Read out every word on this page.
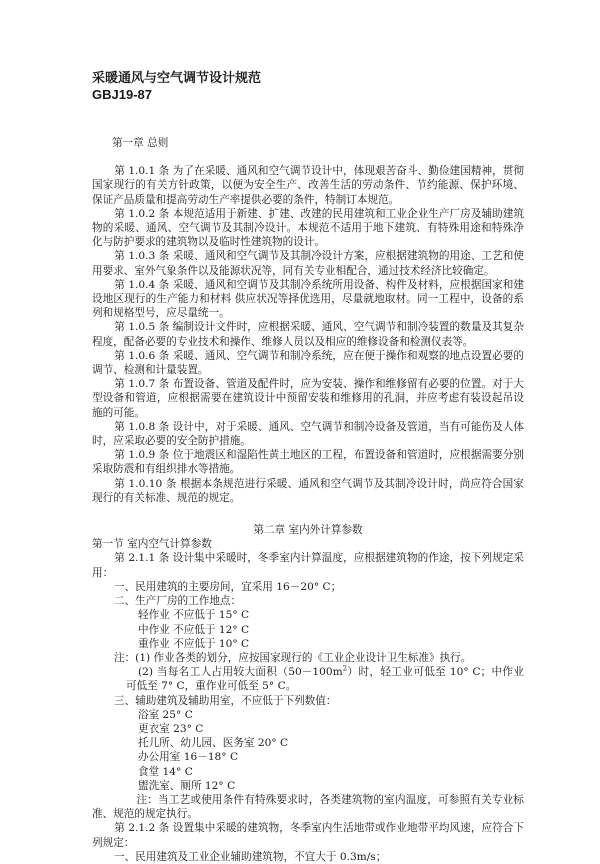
采暖通风与空气调节设计规范
GBJ19-87

第一章 总则

第 1.0.1 条 为了在采暖、通风和空气调节设计中，体现艰苦奋斗、勤俭建国精神，贯彻国家现行的有关方针政策，以便为安全生产、改善生活的劳动条件、节约能源、保护环境、保证产品质量和提高劳动生产率提供必要的条件，特制订本规范。

第 1.0.2 条 本规范适用于新建、扩建、改建的民用建筑和工业企业生产厂房及辅助建筑物的采暖、通风、空气调节及其制冷设计。本规范不适用于地下建筑、有特殊用途和特殊净化与防护要求的建筑物以及临时性建筑物的设计。

第 1.0.3 条 采暖、通风和空气调节及其制冷设计方案，应根据建筑物的用途、工艺和使用要求、室外气象条件以及能源状况等，同有关专业相配合，通过技术经济比较确定。

第 1.0.4 条 采暖、通风和空调节及其制冷系统所用设备、构件及材料，应根据国家和建设地区现行的生产能力和材料 供应状况等择优选用，尽量就地取材。同一工程中，设备的系列和规格型号，应尽量统一。

第 1.0.5 条 编制设计文件时，应根据采暖、通风、空气调节和制冷装置的数量及其复杂程度，配备必要的专业技术和操作、维修人员以及相应的维修设备和检测仪表等。

第 1.0.6 条 采暖、通风、空气调节和制冷系统，应在便于操作和观察的地点设置必要的调节、检测和计量装置。

第 1.0.7 条 布置设备、管道及配件时，应为安装、操作和维修留有必要的位置。对于大型设备和管道，应根据需要在建筑设计中预留安装和维修用的孔洞，并应考虑有装设起吊设施的可能。

第 1.0.8 条 设计中，对于采暖、通风、空气调节和制冷设备及管道，当有可能伤及人体时，应采取必要的安全防护措施。

第 1.0.9 条 位于地震区和湿陷性黄土地区的工程，布置设备和管道时，应根据需要分别采取防震和有组织排水等措施。

第 1.0.10 条 根据本条规范进行采暖、通风和空气调节及其制冷设计时，尚应符合国家现行的有关标准、规范的规定。

第二章 室内外计算参数

第一节 室内空气计算参数

第 2.1.1 条 设计集中采暖时，冬季室内计算温度，应根据建筑物的作途，按下列规定采用：

一、民用建筑的主要房间，宜采用 16－20° C；

二、生产厂房的工作地点：

轻作业 不应低于 15° C

中作业 不应低于 12° C

重作业 不应低于 10° C

注：(1) 作业各类的划分，应按国家现行的《工业企业设计卫生标准》执行。

(2) 当每名工人占用较大面积$(50-100m^2)$时，轻工业可低至 10° C；中作业可低至 7° C，重作业可低至 5° C。

三、辅助建筑及辅助用室，不应低于下列数值：

浴室 25° C

更衣室 23° C

托儿所、幼儿园、医务室 20° C

办公用室 16－18° C

食堂 14° C

盥洗室、厕所 12° C

注：当工艺或使用条件有特殊要求时，各类建筑物的室内温度，可参照有关专业标准、规范的规定执行。

第 2.1.2 条 设置集中采暖的建筑物，冬季室内生活地带或作业地带平均风速，应符合下列规定：

一、民用建筑及工业企业辅助建筑物，不宜大于 0.3m/s；
